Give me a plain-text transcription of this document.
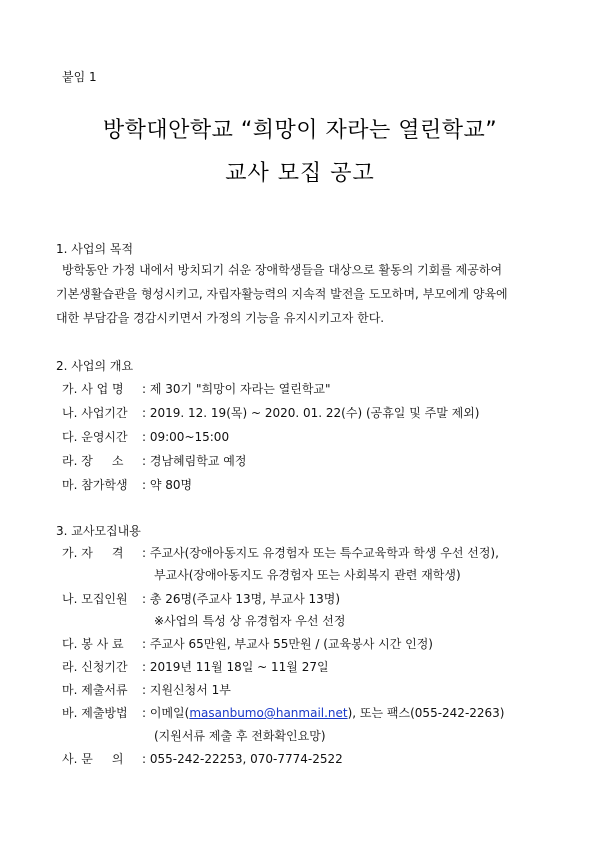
붙임 1
방학대안학교 “희망이 자라는 열린학교”
교사 모집 공고
1. 사업의 목적
방학동안 가정 내에서 방치되기 쉬운 장애학생들을 대상으로 활동의 기회를 제공하여
기본생활습관을 형성시키고, 자립자활능력의 지속적 발전을 도모하며, 부모에게 양육에
대한 부담감을 경감시키면서 가정의 기능을 유지시키고자 한다.
2. 사업의 개요
가. 사 업 명 : 제 30기 "희망이 자라는 열린학교"
나. 사업기간 : 2019. 12. 19(목) ~ 2020. 01. 22(수) (공휴일 및 주말 제외)
다. 운영시간 : 09:00~15:00
라. 장     소 : 경남혜림학교 예정
마. 참가학생 : 약 80명
3. 교사모집내용
가. 자     격 : 주교사(장애아동지도 유경험자 또는 특수교육학과 학생 우선 선정),
부교사(장애아동지도 유경험자 또는 사회복지 관련 재학생)
나. 모집인원 : 총 26명(주교사 13명, 부교사 13명)
※사업의 특성 상 유경험자 우선 선정
다. 봉 사 료 : 주교사 65만원, 부교사 55만원 / (교육봉사 시간 인정)
라. 신청기간 : 2019년 11월 18일 ~ 11월 27일
마. 제출서류 : 지원신청서 1부
바. 제출방법 : 이메일(masanbumo@hanmail.net), 또는 팩스(055-242-2263)
(지원서류 제출 후 전화확인요망)
사. 문     의 : 055-242-22253, 070-7774-2522
